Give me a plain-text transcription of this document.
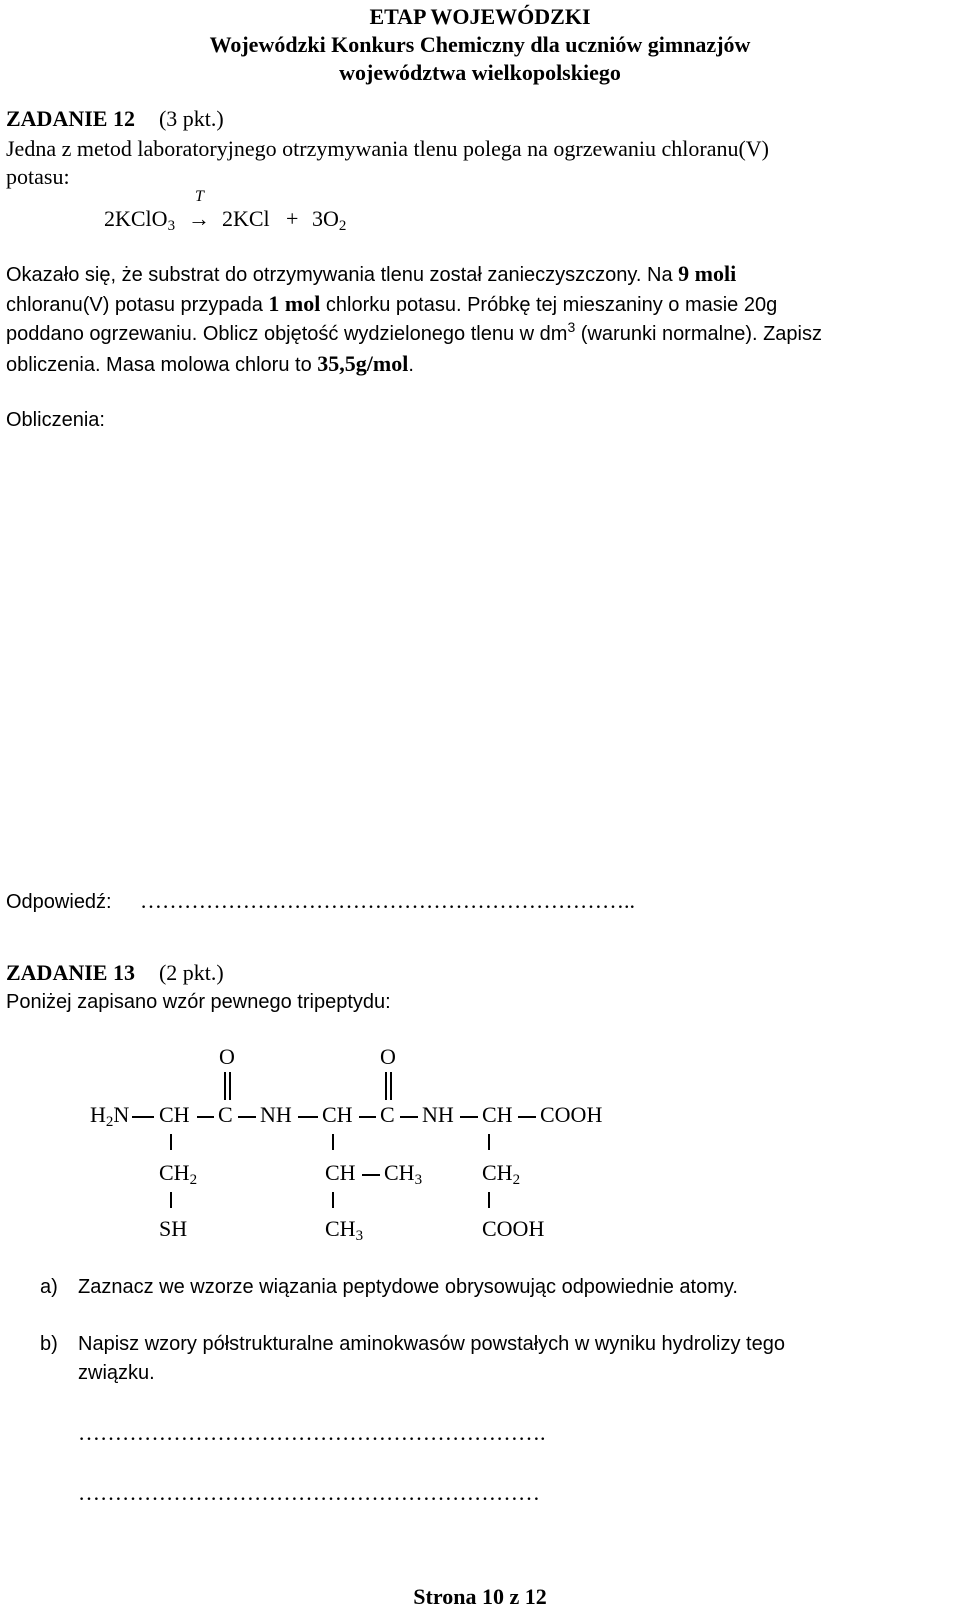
ETAP WOJEWÓDZKI
Wojewódzki Konkurs Chemiczny dla uczniów gimnazjów
województwa wielkopolskiego
ZADANIE 12 (3 pkt.)
Jedna z metod laboratoryjnego otrzymywania tlenu polega na ogrzewaniu chloranu(V)
potasu:
2KClO$_3$
T
→ $2KCl + 3O_2$
Okazało się, że substrat do otrzymywania tlenu został zanieczyszczony. Na 9 moli
chloranu(V) potasu przypada 1 mol chlorku potasu. Próbkę tej mieszaniny o masie 20g
poddano ogrzewaniu. Oblicz objętość wydzielonego tlenu w $dm^3$ (warunki normalne). Zapisz
obliczenia. Masa molowa chloru to 35,5g/mol.
Obliczenia:
Odpowiedź: …………………………………………………………..
ZADANIE 13 (2 pkt.)
Poniżej zapisano wzór pewnego tripeptydu:
O	O
$H_2N$ CH C NH CH C NH CH COOH
$CH_2$	CH $CH_3$	$CH_2$
SH	$CH_3$	COOH
a) Zaznacz we wzorze wiązania peptydowe obrysowując odpowiednie atomy.
b) Napisz wzory półstrukturalne aminokwasów powstałych w wyniku hydrolizy tego
związku.
……………………………………………………….
………………………………………………………
Strona 10 z 12
